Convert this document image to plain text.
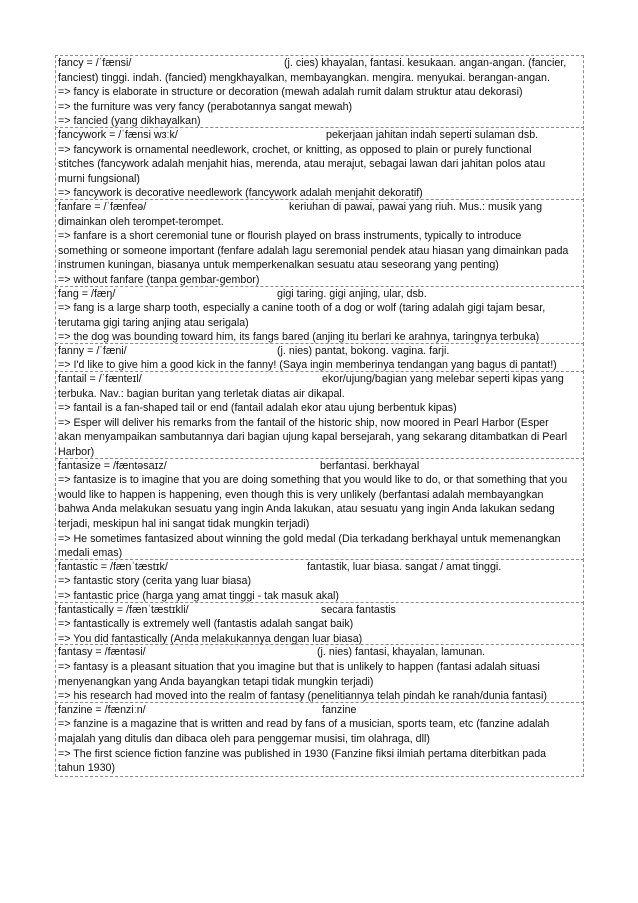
fancy = /ˈfænsi/	(j. cies) khayalan, fantasi. kesukaan. angan-angan. (fancier,
fanciest) tinggi. indah. (fancied) mengkhayalkan, membayangkan. mengira. menyukai. berangan-angan.
=> fancy is elaborate in structure or decoration (mewah adalah rumit dalam struktur atau dekorasi)
=> the furniture was very fancy (perabotannya sangat mewah)
=> fancied (yang dikhayalkan)
fancywork = /ˈfænsi wɜːk/	pekerjaan jahitan indah seperti sulaman dsb.
=> fancywork is ornamental needlework, crochet, or knitting, as opposed to plain or purely functional
stitches (fancywork adalah menjahit hias, merenda, atau merajut, sebagai lawan dari jahitan polos atau
murni fungsional)
=> fancywork is decorative needlework (fancywork adalah menjahit dekoratif)
fanfare = /ˈfænfeə/	keriuhan di pawai, pawai yang riuh. Mus.: musik yang
dimainkan oleh terompet-terompet.
=> fanfare is a short ceremonial tune or flourish played on brass instruments, typically to introduce
something or someone important (fenfare adalah lagu seremonial pendek atau hiasan yang dimainkan pada
instrumen kuningan, biasanya untuk memperkenalkan sesuatu atau seseorang yang penting)
=> without fanfare (tanpa gembar-gembor)
fang = /fæŋ/	gigi taring. gigi anjing, ular, dsb.
=> fang is a large sharp tooth, especially a canine tooth of a dog or wolf (taring adalah gigi tajam besar,
terutama gigi taring anjing atau serigala)
=> the dog was bounding toward him, its fangs bared (anjing itu berlari ke arahnya, taringnya terbuka)
fanny = /ˈfæni/	(j. nies) pantat, bokong. vagina. farji.
=> I'd like to give him a good kick in the fanny! (Saya ingin memberinya tendangan yang bagus di pantat!)
fantail = /ˈfænteɪl/	ekor/ujung/bagian yang melebar seperti kipas yang
terbuka. Nav.: bagian buritan yang terletak diatas air dikapal.
=> fantail is a fan-shaped tail or end (fantail adalah ekor atau ujung berbentuk kipas)
=> Esper will deliver his remarks from the fantail of the historic ship, now moored in Pearl Harbor (Esper
akan menyampaikan sambutannya dari bagian ujung kapal bersejarah, yang sekarang ditambatkan di Pearl
Harbor)
fantasize = /fæntəsaɪz/	berfantasi. berkhayal
=> fantasize is to imagine that you are doing something that you would like to do, or that something that you
would like to happen is happening, even though this is very unlikely (berfantasi adalah membayangkan
bahwa Anda melakukan sesuatu yang ingin Anda lakukan, atau sesuatu yang ingin Anda lakukan sedang
terjadi, meskipun hal ini sangat tidak mungkin terjadi)
=> He sometimes fantasized about winning the gold medal (Dia terkadang berkhayal untuk memenangkan
medali emas)
fantastic = /fænˈtæstɪk/	fantastik, luar biasa. sangat / amat tinggi.
=> fantastic story (cerita yang luar biasa)
=> fantastic price (harga yang amat tinggi - tak masuk akal)
fantastically = /fænˈtæstɪkli/	secara fantastis
=> fantastically is extremely well (fantastis adalah sangat baik)
=> You did fantastically (Anda melakukannya dengan luar biasa)
fantasy = /fæntəsi/	(j. nies) fantasi, khayalan, lamunan.
=> fantasy is a pleasant situation that you imagine but that is unlikely to happen (fantasi adalah situasi
menyenangkan yang Anda bayangkan tetapi tidak mungkin terjadi)
=> his research had moved into the realm of fantasy (penelitiannya telah pindah ke ranah/dunia fantasi)
fanzine = /fænziːn/	fanzine
=> fanzine is a magazine that is written and read by fans of a musician, sports team, etc (fanzine adalah
majalah yang ditulis dan dibaca oleh para penggemar musisi, tim olahraga, dll)
=> The first science fiction fanzine was published in 1930 (Fanzine fiksi ilmiah pertama diterbitkan pada
tahun 1930)
